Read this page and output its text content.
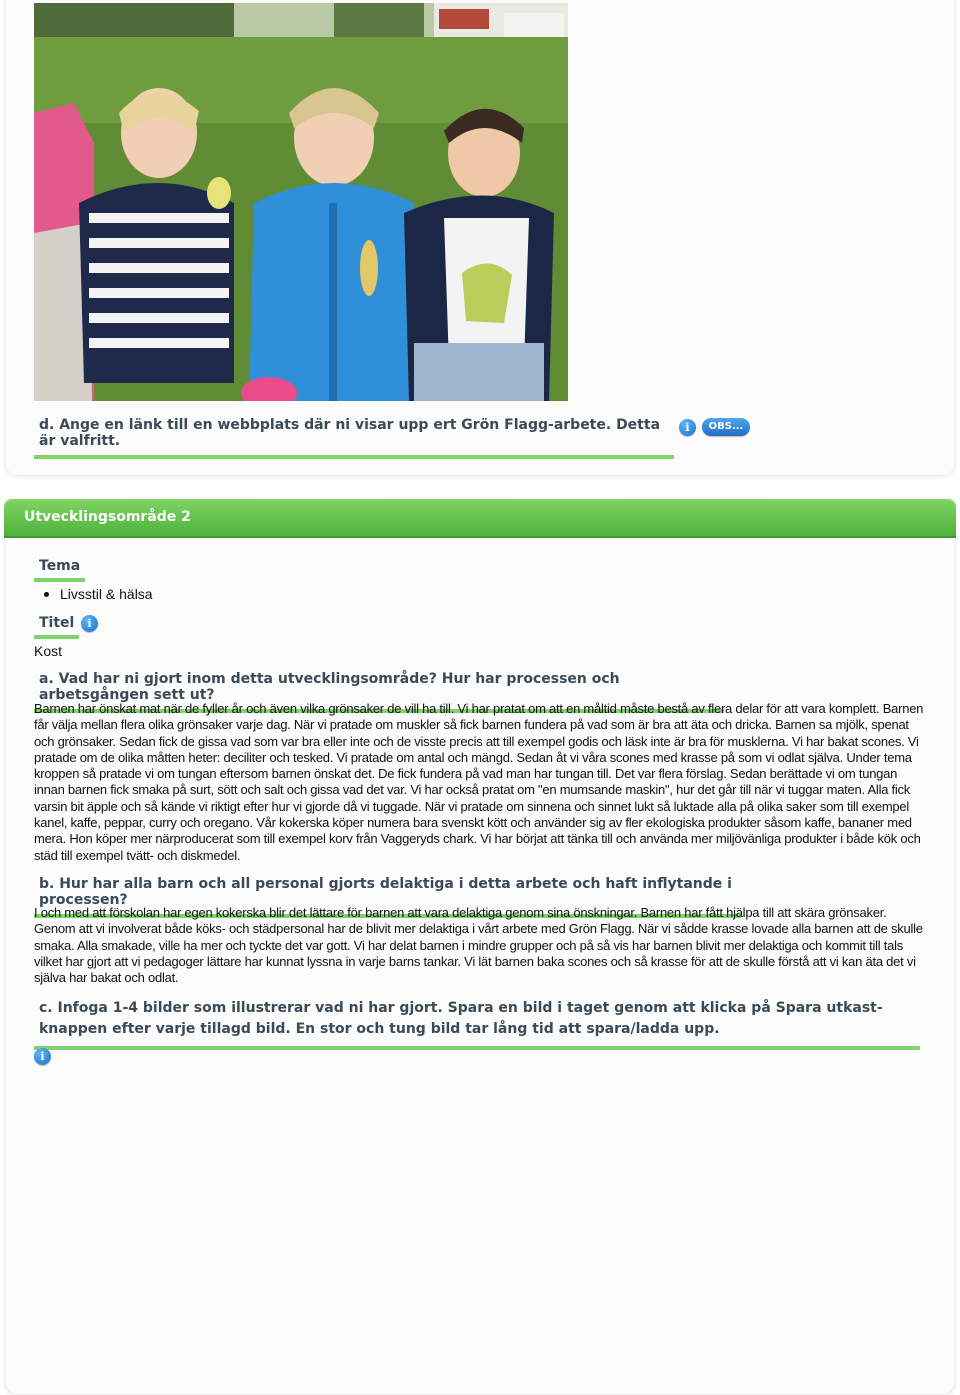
d. Ange en länk till en webbplats där ni visar upp ert Grön Flagg-arbete. Detta är valfritt.
i	OBS...
Utvecklingsområde 2
Tema
Livsstil & hälsa
Titel	i
Kost
a. Vad har ni gjort inom detta utvecklingsområde? Hur har processen och arbetsgången sett ut?

Barnen har önskat mat när de fyller år och även vilka grönsaker de vill ha till. Vi har pratat om att en måltid måste bestå av flera delar för att vara komplett. Barnen får välja mellan flera olika grönsaker varje dag. När vi pratade om muskler så fick barnen fundera på vad som är bra att äta och dricka. Barnen sa mjölk, spenat och grönsaker. Sedan fick de gissa vad som var bra eller inte och de visste precis att till exempel godis och läsk inte är bra för musklerna. Vi har bakat scones. Vi pratade om de olika måtten heter: deciliter och tesked. Vi pratade om antal och mängd. Sedan åt vi våra scones med krasse på som vi odlat själva. Under tema kroppen så pratade vi om tungan eftersom barnen önskat det. De fick fundera på vad man har tungan till. Det var flera förslag. Sedan berättade vi om tungan innan barnen fick smaka på surt, sött och salt och gissa vad det var. Vi har också pratat om "en mumsande maskin", hur det går till när vi tuggar maten. Alla fick varsin bit äpple och så kände vi riktigt efter hur vi gjorde då vi tuggade. När vi pratade om sinnena och sinnet lukt så luktade alla på olika saker som till exempel kanel, kaffe, peppar, curry och oregano. Vår kokerska köper numera bara svenskt kött och använder sig av fler ekologiska produkter såsom kaffe, bananer med mera. Hon köper mer närproducerat som till exempel korv från Vaggeryds chark. Vi har börjat att tänka till och använda mer miljövänliga produkter i både kök och städ till exempel tvätt- och diskmedel.

b. Hur har alla barn och all personal gjorts delaktiga i detta arbete och haft inflytande i processen?

I och med att förskolan har egen kokerska blir det lättare för barnen att vara delaktiga genom sina önskningar. Barnen har fått hjälpa till att skära grönsaker. Genom att vi involverat både köks- och städpersonal har de blivit mer delaktiga i vårt arbete med Grön Flagg. När vi sådde krasse lovade alla barnen att de skulle smaka. Alla smakade, ville ha mer och tyckte det var gott. Vi har delat barnen i mindre grupper och på så vis har barnen blivit mer delaktiga och kommit till tals vilket har gjort att vi pedagoger lättare har kunnat lyssna in varje barns tankar. Vi lät barnen baka scones och så krasse för att de skulle förstå att vi kan äta det vi själva har bakat och odlat.

c. Infoga 1-4 bilder som illustrerar vad ni har gjort. Spara en bild i taget genom att klicka på Spara utkast-knappen efter varje tillagd bild. En stor och tung bild tar lång tid att spara/ladda upp.
i
